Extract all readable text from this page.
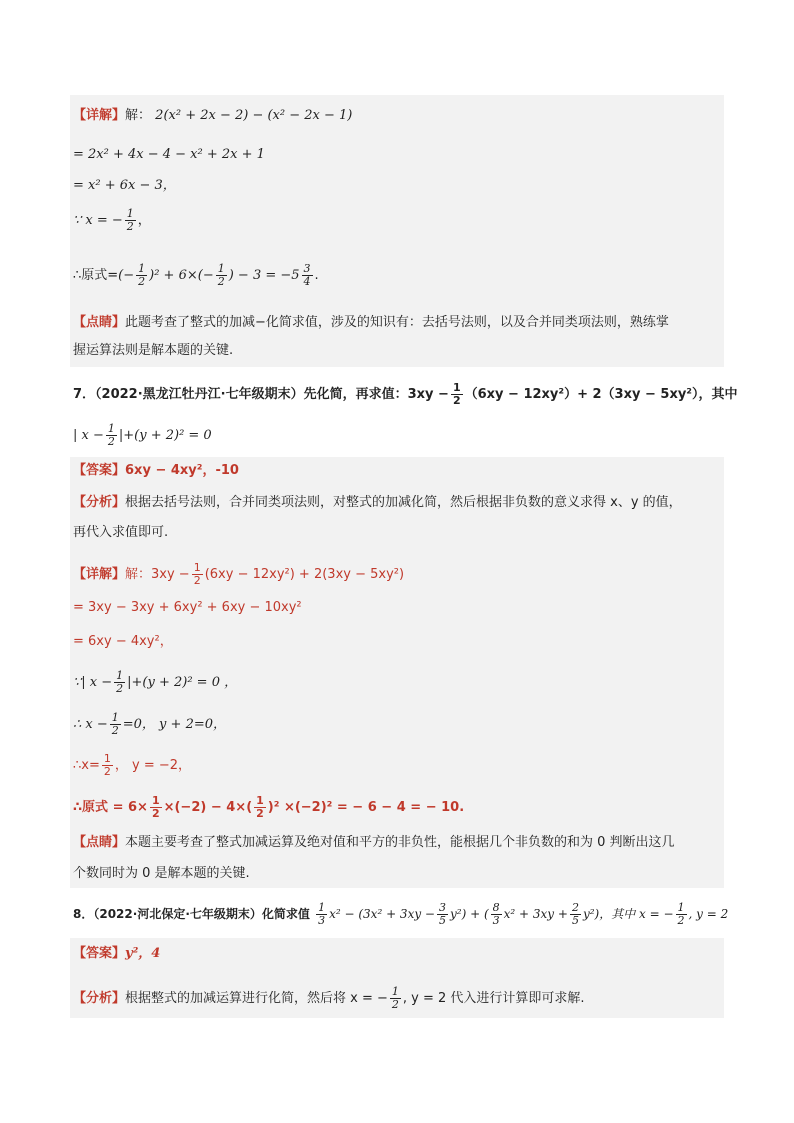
【详解】解： 2(x² + 2x − 2) − (x² − 2x − 1)
= 2x² + 4x − 4 − x² + 2x + 1
= x² + 6x − 3，
∵ x = − $\frac{1}{2}$ ，
∴原式=(− $\frac{1}{2} )^2 + 6\times(- \frac{1}{2}$ ) − $3 = -5 \frac{3}{4}$ .
【点睛】此题考查了整式的加减−化简求值，涉及的知识有：去括号法则，以及合并同类项法则，熟练掌
握运算法则是解本题的关键.
7．（2022·黑龙江牡丹江·七年级期末）先化简，再求值：$3xy - \frac{1}{2} (6xy - 12xy^2)+ 2(3xy - 5xy^2)$，其中
| $x - \frac{1}{2} |+(y + 2)^2 = 0$
【答案】6xy − 4xy²，-10
【分析】根据去括号法则，合并同类项法则，对整式的加减化简，然后根据非负数的意义求得 x、y 的值，
再代入求值即可.
【详解】解：$3xy - \frac{1}{2} (6xy - 12xy^2) + 2(3xy - 5xy^2)$
= 3xy − 3xy + 6xy² + 6xy − 10xy²
= 6xy − 4xy²，
∵| $x - \frac{1}{2} |+(y + 2)^2 = 0$ ，
∴ $x - \frac{1}{2} =0$， y + 2=0，
∴x= $\frac{1}{2}$ ， y = −2，
∴原式 = $6\times \frac{1}{2} \times(-2) - 4\times( \frac{1}{2} )^2 \times(-2)^2$ = − 6 − 4 = − 10.
【点睛】本题主要考查了整式加减运算及绝对值和平方的非负性，能根据几个非负数的和为 0 判断出这几
个数同时为 0 是解本题的关键.
8．（2022·河北保定·七年级期末）化简求值 $\frac{1}{3} x^2 - (3x^2 + 3xy - \frac{3}{5} y^2)$ + ( $\frac{8}{3} x^2 + 3xy + \frac{2}{5} y^2$)，其中 x = − $\frac{1}{2}$ , y = 2
【答案】y²，4
【分析】根据整式的加减运算进行化简，然后将 x = − $\frac{1}{2}$ , y = 2 代入进行计算即可求解.
